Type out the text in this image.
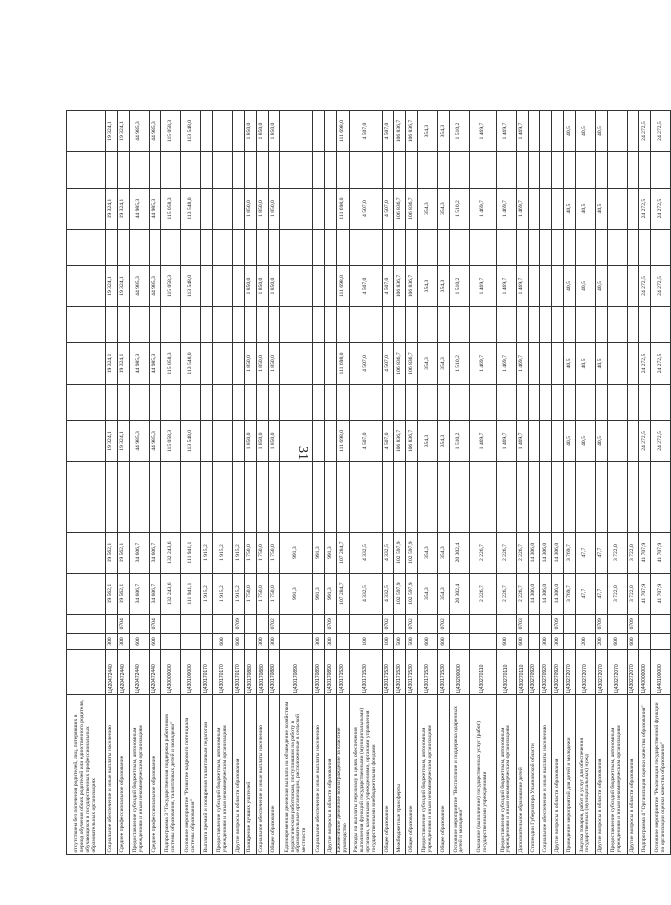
31
отсутствием без попечения родителей, лиц, потерявших в период обучения обоих родителей или единственного родителя, обучающихся в государственных профессиональных образовательных организациях															
Социальное обеспечение и иные выплаты населению	Ц420472440	300		19 562,1	19 562,1		19 324,1		19 324,1		19 324,1		19 324,1		19 324,1
Среднее профессиональное образование	Ц420472440	300	0704	19 562,1	19 562,1		19 324,1		19 324,1		19 324,1		19 324,1		19 324,1
Предоставление субсидий бюджетным, автономным учреждениям и иным некоммерческим организациям	Ц420472440	600		34 606,7	34 606,7		44 985,3		44 985,3		44 985,3		44 985,3		44 985,3
Среднее профессиональное образование	Ц420472440	600	0704	34 606,7	34 606,7		44 985,3		44 985,3		44 985,3		44 985,3		44 985,3
Подпрограмма 3 "Государственная поддержка работников системы образования, талантливых детей и молодежи"	Ц430000000			132 243,6	132 243,6		115 058,3		115 058,3		115 058,3		115 058,3		115 058,3
Основное мероприятие "Развитие кадрового потенциала системы образования"	Ц430100000			111 941,1	111 941,1		113 548,0		113 548,0		113 548,0		113 548,0		113 548,0
Выплата премий и поощрения талантливым педагогам	Ц430170170			1 915,2	1 915,2										
Предоставление субсидий бюджетным, автономным учреждениям и иным некоммерческим организациям	Ц430170170	600		1 915,2	1 915,2										
Другие вопросы в области образования	Ц430170170	600	0709	1 915,2	1 915,2										
Поощрение лучших учителей	Ц430170880			1 750,0	1 750,0		1 850,0		1 850,0		1 850,0		1 850,0		1 850,0
Социальное обеспечение и иные выплаты населению	Ц430170880	300		1 750,0	1 750,0		1 850,0		1 850,0		1 850,0		1 850,0		1 850,0
Общее образование	Ц430170880	300	0702	1 750,0	1 750,0		1 850,0		1 850,0		1 850,0		1 850,0		1 850,0
Единовременная денежная выплата на обзаведение хозяйством педагогическим работникам, поступившим на работу в образовательные организации, расположенные в сельской местности	Ц430170890			991,3	991,3										
Социальное обеспечение и иные выплаты населению	Ц430170890	300		991,3	991,3										
Другие вопросы в области образования	Ц430170890	300	0709	991,3	991,3										
Ежемесячное денежное вознаграждение за классное руководство	Ц430171530			107 284,7	107 284,7		111 698,0		111 698,0		111 698,0		111 698,0		111 698,0
Расходы на выплаты персоналу в целях обеспечения выполнения функций государственными (муниципальными) органами, казенными учреждениями, органами управления государственными внебюджетными фондами	Ц430171530	100		4 332,5	4 332,5		4 507,0		4 507,0		4 507,0		4 507,0		4 507,0
Общее образование	Ц430171530	100	0702	4 332,5	4 332,5		4 507,0		4 507,0		4 507,0		4 507,0		4 507,0
Межбюджетные трансферты	Ц430171530	500		102 597,9	102 597,9		106 836,7		106 836,7		106 836,7		106 836,7		106 836,7
Общее образование	Ц430171530	500	0702	102 597,9	102 597,9		106 836,7		106 836,7		106 836,7		106 836,7		106 836,7
Предоставление субсидий бюджетным, автономным учреждениям и иным некоммерческим организациям	Ц430171530	600		354,3	354,3		354,3		354,3		354,3		354,3		354,3
Общее образование	Ц430171530	600	0702	354,3	354,3		354,3		354,3		354,3		354,3		354,3
Основное мероприятие "Воспитание и поддержка одаренных детей и молодежи"	Ц430200000			20 302,4	20 302,4		1 510,2		1 510,2		1 510,2		1 510,2		1 510,2
Оказание (выполнение) государственных услуг (работ) государственными учреждениями	Ц430270110			2 226,7	2 226,7		1 469,7		1 469,7		1 469,7		1 469,7		1 469,7
Предоставление субсидий бюджетным, автономным учреждениям и иным некоммерческим организациям	Ц430270110	600		2 226,7	2 226,7		1 469,7		1 469,7		1 469,7		1 469,7		1 469,7
Дополнительное образование детей	Ц430270110	600	0703	2 226,7	2 226,7		1 469,7		1 469,7		1 469,7		1 469,7		1 469,7
Стипендии Губернатора Ульяновской области	Ц430270920			14 306,0	14 306,0										
Социальное обеспечение и иные выплаты населению	Ц430270920	300		14 306,0	14 306,0										
Другие вопросы в области образования	Ц430270920	300	0709	14 306,0	14 306,0										
Проведение мероприятий для детей и молодежи	Ц430272070			3 769,7	3 769,7		40,5		40,5		40,5		40,5		40,5
Закупка товаров, работ и услуг для обеспечения государственных (муниципальных) нужд	Ц430272070	200		47,7	47,7		40,5		40,5		40,5		40,5		40,5
Другие вопросы в области образования	Ц430272070	200	0709	47,7	47,7		40,5		40,5		40,5		40,5		40,5
Предоставление субсидий бюджетным, автономным учреждениям и иным некоммерческим организациям	Ц430272070	600		3 722,0	3 722,0										
Другие вопросы в области образования	Ц430272070	600	0709	3 722,0	3 722,0										
Подпрограмма 4 "Организация оценки качества образования"	Ц440000000			41 707,9	41 707,9		24 272,5		24 272,5		24 272,5		24 272,5		24 272,5
Основное мероприятие "Реализация государственной функции по организации оценки качества образования"	Ц440100000			41 707,9	41 707,9		24 272,5		24 272,5		24 272,5		24 272,5		24 272,5
